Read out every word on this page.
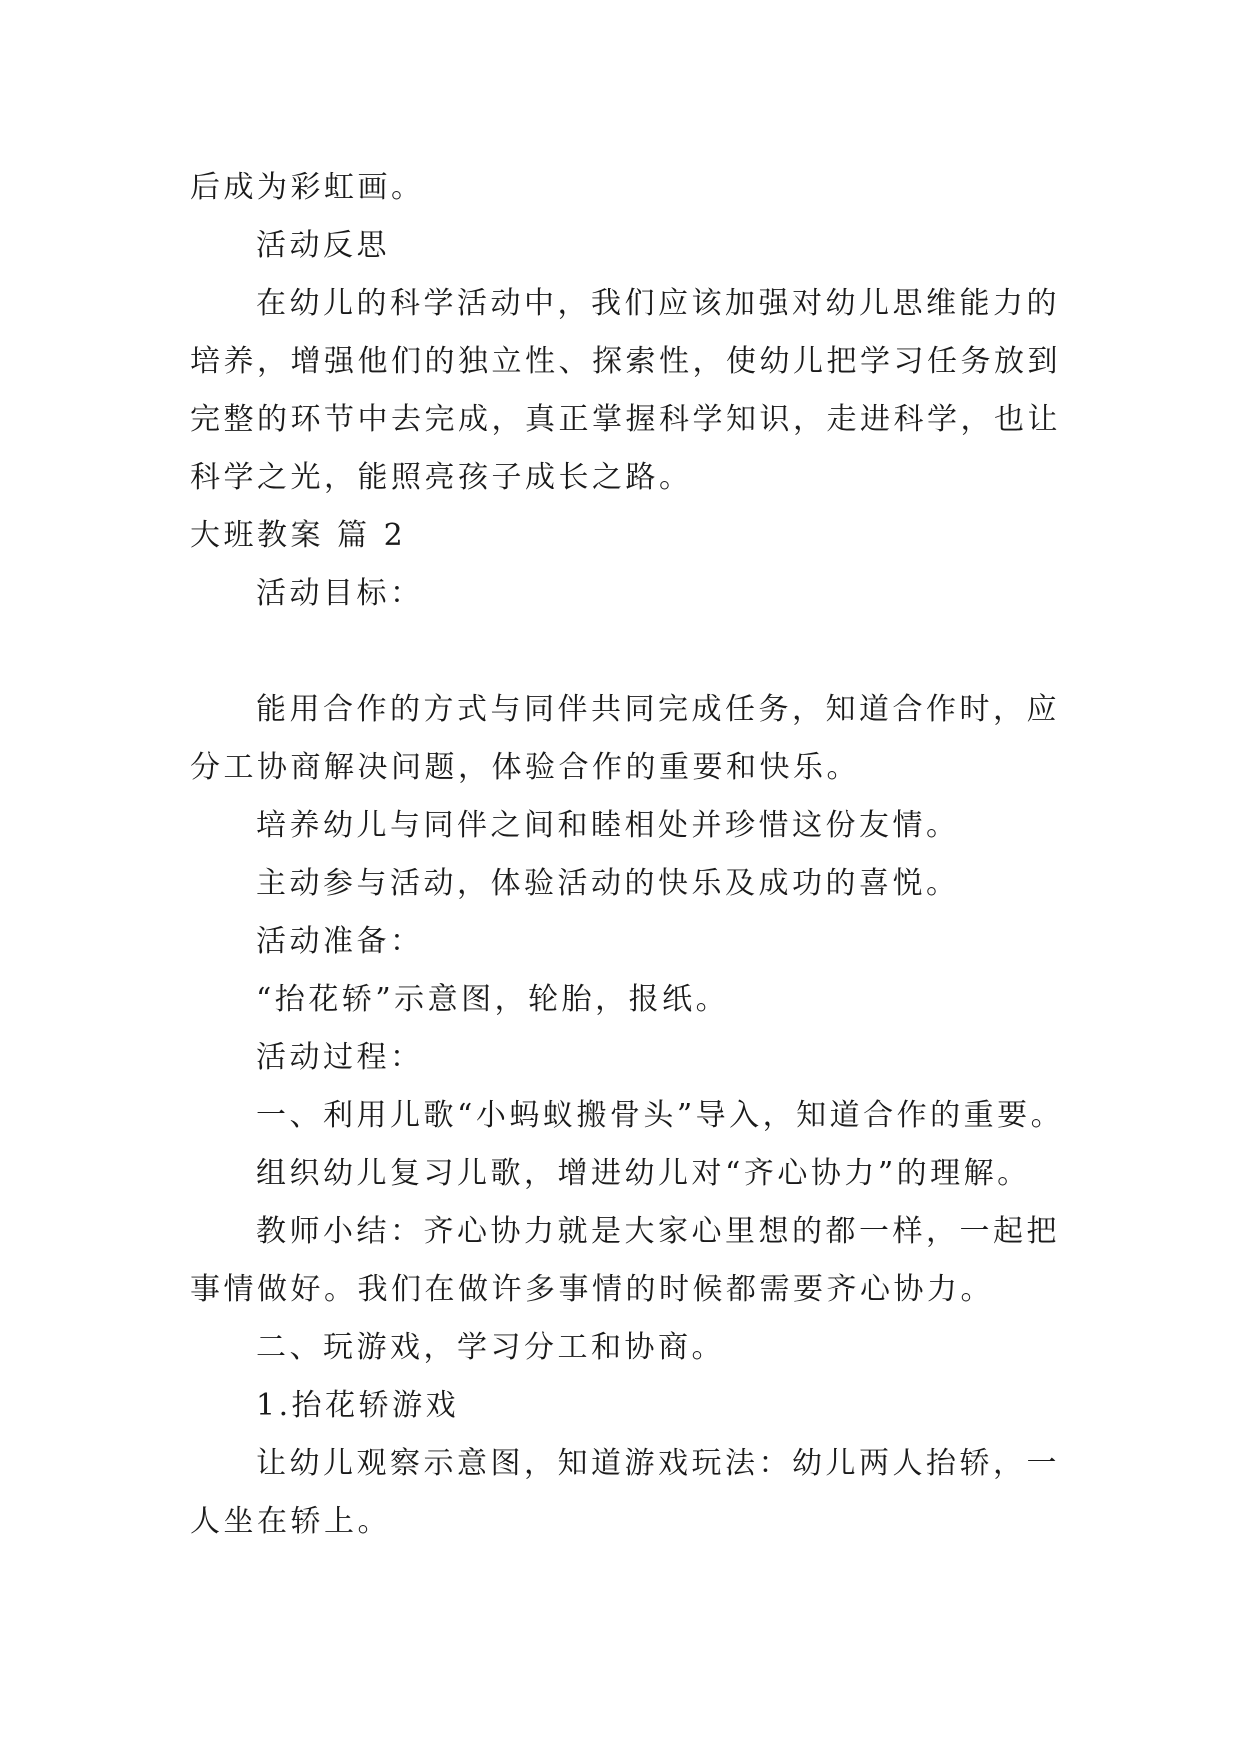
后成为彩虹画。
活动反思
在幼儿的科学活动中，我们应该加强对幼儿思维能力的
培养，增强他们的独立性、探索性，使幼儿把学习任务放到
完整的环节中去完成，真正掌握科学知识，走进科学，也让
科学之光，能照亮孩子成长之路。
大班教案 篇 2
活动目标：
能用合作的方式与同伴共同完成任务，知道合作时，应
分工协商解决问题，体验合作的重要和快乐。
培养幼儿与同伴之间和睦相处并珍惜这份友情。
主动参与活动，体验活动的快乐及成功的喜悦。
活动准备：
“抬花轿”示意图，轮胎，报纸。
活动过程：
一、利用儿歌“小蚂蚁搬骨头”导入，知道合作的重要。
组织幼儿复习儿歌，增进幼儿对“齐心协力”的理解。
教师小结：齐心协力就是大家心里想的都一样，一起把
事情做好。我们在做许多事情的时候都需要齐心协力。
二、玩游戏，学习分工和协商。
1.抬花轿游戏
让幼儿观察示意图，知道游戏玩法：幼儿两人抬轿，一
人坐在轿上。
